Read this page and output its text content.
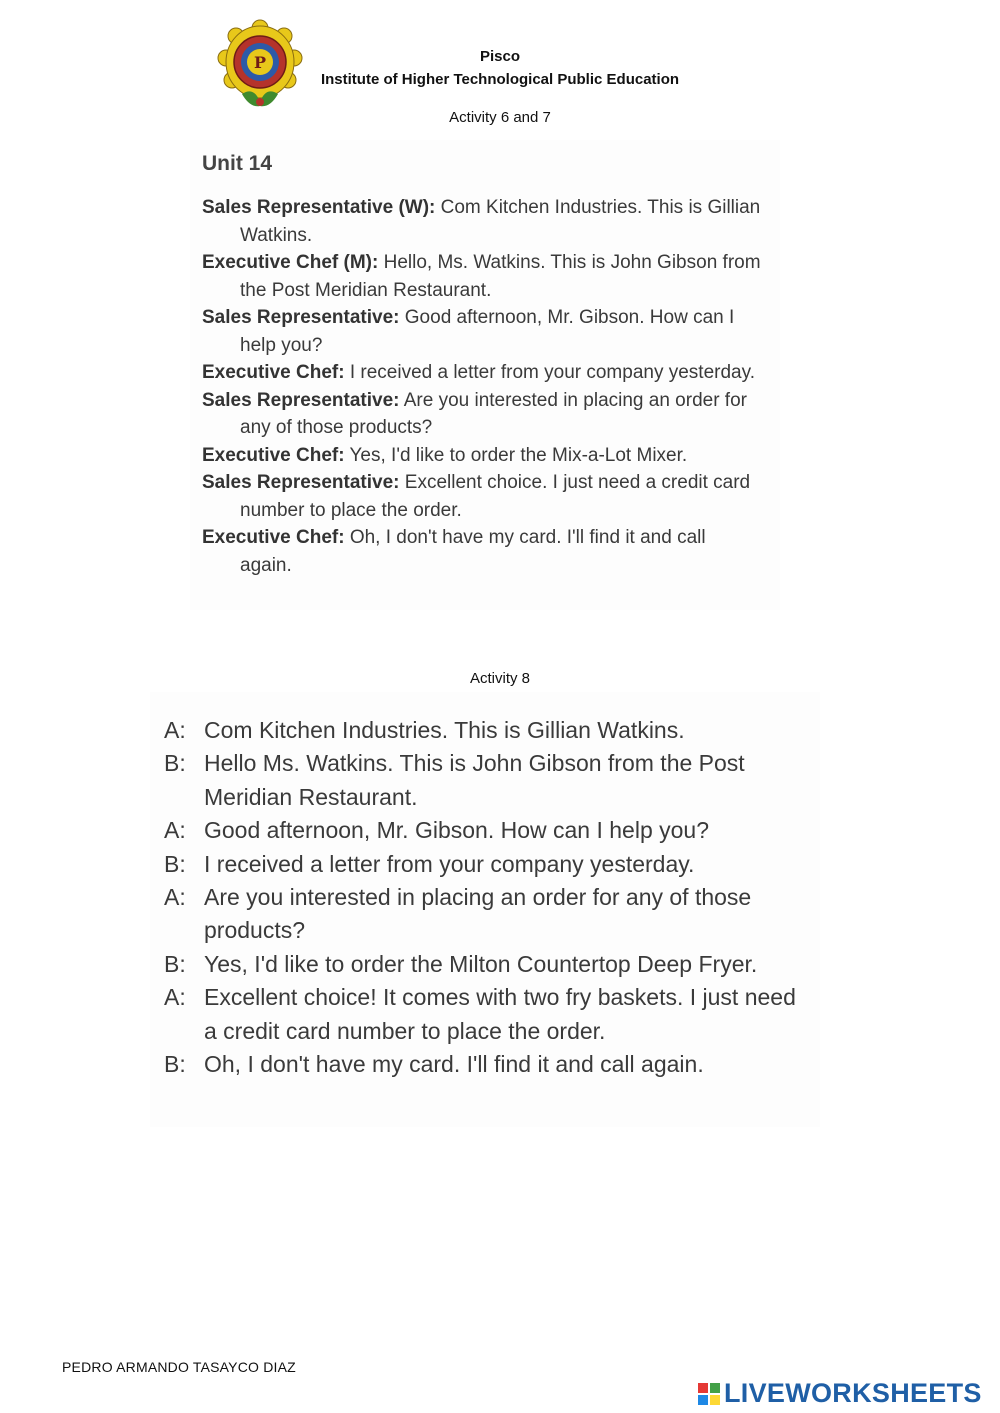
P	Pisco
Institute of Higher Technological Public Education
Activity 6 and 7
Unit 14

Sales Representative (W): Com Kitchen Industries. This is Gillian Watkins.

Executive Chef (M): Hello, Ms. Watkins. This is John Gibson from the Post Meridian Restaurant.

Sales Representative: Good afternoon, Mr. Gibson. How can I help you?

Executive Chef: I received a letter from your company yesterday.

Sales Representative: Are you interested in placing an order for any of those products?

Executive Chef: Yes, I'd like to order the Mix-a-Lot Mixer.

Sales Representative: Excellent choice. I just need a credit card number to place the order.

Executive Chef: Oh, I don't have my card. I'll find it and call again.

Activity 8

A: Com Kitchen Industries. This is Gillian Watkins.

B: Hello Ms. Watkins. This is John Gibson from the Post Meridian Restaurant.

A: Good afternoon, Mr. Gibson. How can I help you?

B: I received a letter from your company yesterday.

A: Are you interested in placing an order for any of those products?

B: Yes, I'd like to order the Milton Countertop Deep Fryer.

A: Excellent choice! It comes with two fry baskets. I just need a credit card number to place the order.

B: Oh, I don't have my card. I'll find it and call again.

PEDRO ARMANDO TASAYCO DIAZ
LIVEWORKSHEETS
